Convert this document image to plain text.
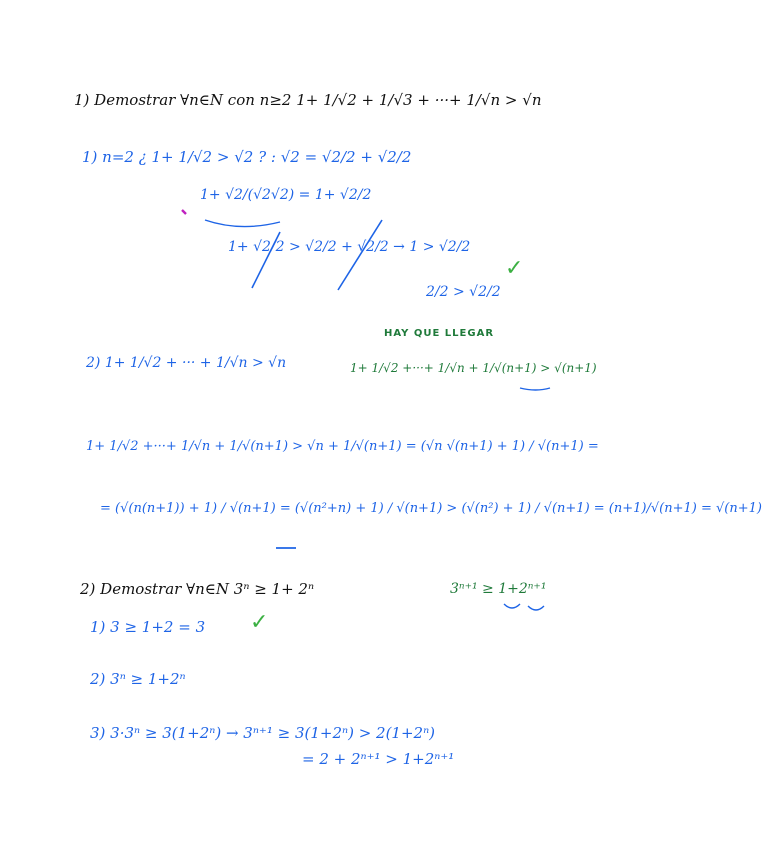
1) Demostrar ∀n∈N con n≥2 1+ 1/√2 + 1/√3 + ···+ 1/√n > √n
1) n=2 ¿ 1+ 1/√2 > √2 ? : √2 = √2/2 + √2/2
1+ √2/(√2√2) = 1+ √2/2
1+ √2/2 > √2/2 + √2/2 → 1 > √2/2
2/2 > √2/2
✓
HAY QUE LLEGAR
2) 1+ 1/√2 + ··· + 1/√n > √n	1+ 1/√2 +···+ 1/√n + 1/√(n+1) > √(n+1)
1+ 1/√2 +···+ 1/√n + 1/√(n+1) > √n + 1/√(n+1) = (√n √(n+1) + 1) / √(n+1) =
= (√(n(n+1)) + 1) / √(n+1) = (√(n²+n) + 1) / √(n+1) > (√(n²) + 1) / √(n+1) = (n+1)/√(n+1) = √(n+1)
2) Demostrar ∀n∈N 3ⁿ ≥ 1+ 2ⁿ	3ⁿ⁺¹ ≥ 1+2ⁿ⁺¹
1) 3 ≥ 1+2 = 3 ✓
2) 3ⁿ ≥ 1+2ⁿ
3) 3·3ⁿ ≥ 3(1+2ⁿ) → 3ⁿ⁺¹ ≥ 3(1+2ⁿ) > 2(1+2ⁿ)
= 2 + 2ⁿ⁺¹ > 1+2ⁿ⁺¹
